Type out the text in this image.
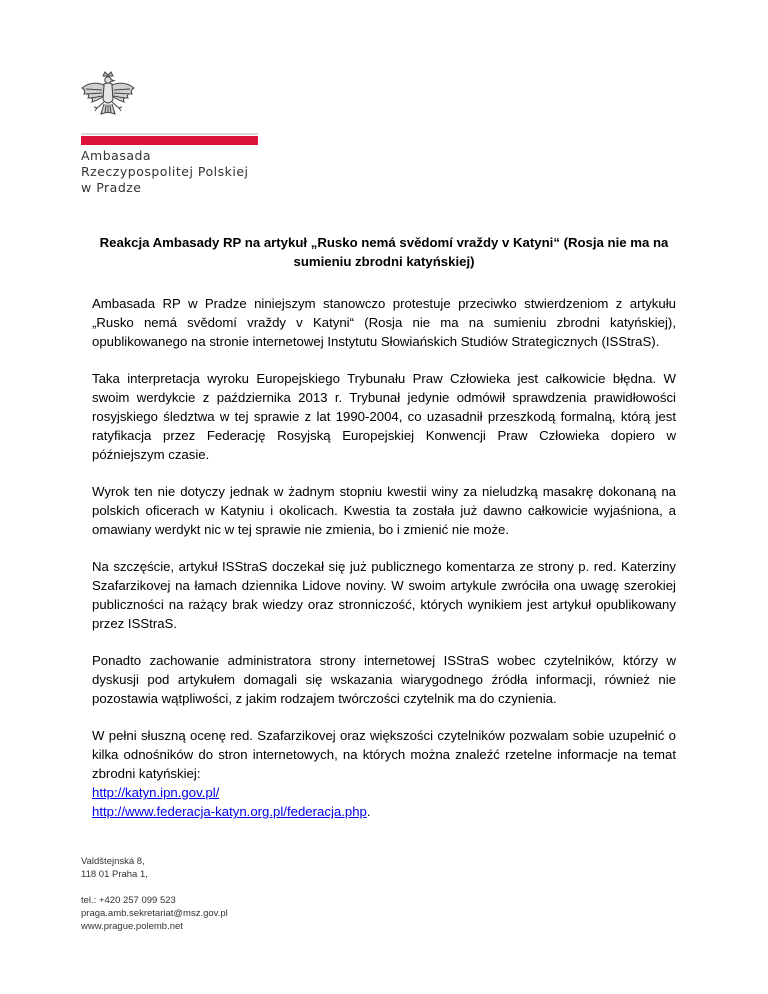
Ambasada
Rzeczypospolitej Polskiej
w Pradze
Reakcja Ambasady RP na artykuł „Rusko nemá svědomí vraždy v Katyni“ (Rosja nie ma na sumieniu zbrodni katyńskiej)

Ambasada RP w Pradze niniejszym stanowczo protestuje przeciwko stwierdzeniom z artykułu „Rusko nemá svědomí vraždy v Katyni“ (Rosja nie ma na sumieniu zbrodni katyńskiej), opublikowanego na stronie internetowej Instytutu Słowiańskich Studiów Strategicznych (ISStraS).

Taka interpretacja wyroku Europejskiego Trybunału Praw Człowieka jest całkowicie błędna. W swoim werdykcie z października 2013 r. Trybunał jedynie odmówił sprawdzenia prawidłowości rosyjskiego śledztwa w tej sprawie z lat 1990-2004, co uzasadnił przeszkodą formalną, którą jest ratyfikacja przez Federację Rosyjską Europejskiej Konwencji Praw Człowieka dopiero w późniejszym czasie.

Wyrok ten nie dotyczy jednak w żadnym stopniu kwestii winy za nieludzką masakrę dokonaną na polskich oficerach w Katyniu i okolicach. Kwestia ta została już dawno całkowicie wyjaśniona, a omawiany werdykt nic w tej sprawie nie zmienia, bo i zmienić nie może.

Na szczęście, artykuł ISStraS doczekał się już publicznego komentarza ze strony p. red. Katerziny Szafarzikovej na łamach dziennika Lidove noviny. W swoim artykule zwróciła ona uwagę szerokiej publiczności na rażący brak wiedzy oraz stronniczość, których wynikiem jest artykuł opublikowany przez ISStraS.

Ponadto zachowanie administratora strony internetowej ISStraS wobec czytelników, którzy w dyskusji pod artykułem domagali się wskazania wiarygodnego źródła informacji, również nie pozostawia wątpliwości, z jakim rodzajem twórczości czytelnik ma do czynienia.

W pełni słuszną ocenę red. Szafarzikovej oraz większości czytelników pozwalam sobie uzupełnić o kilka odnośników do stron internetowych, na których można znaleźć rzetelne informacje na temat zbrodni katyńskiej:
http://katyn.ipn.gov.pl/
http://www.federacja-katyn.org.pl/federacja.php.

Valdštejnská 8,
118 01 Praha 1,
tel.: +420 257 099 523
praga.amb.sekretariat@msz.gov.pl
www.prague.polemb.net
